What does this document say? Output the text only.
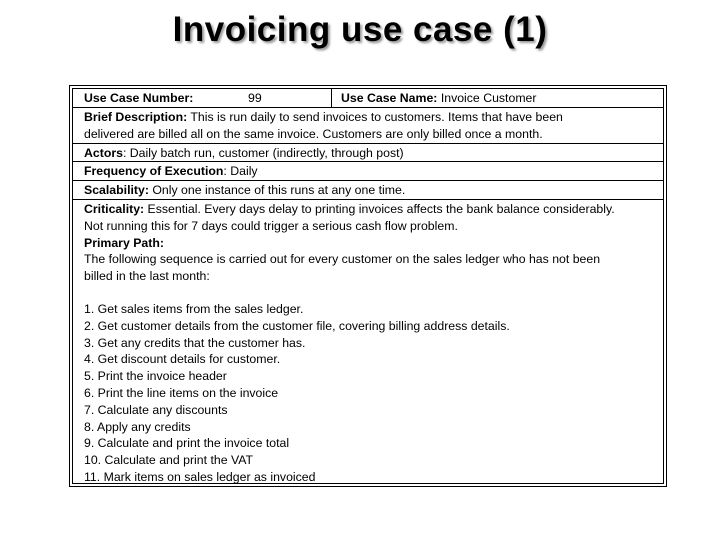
Invoicing use case (1)
Use Case Number:	99	Use Case Name: Invoice Customer
Brief Description: This is run daily to send invoices to customers. Items that have been
delivered are billed all on the same invoice. Customers are only billed once a month.
Actors: Daily batch run, customer (indirectly, through post)
Frequency of Execution: Daily
Scalability: Only one instance of this runs at any one time.
Criticality: Essential. Every days delay to printing invoices affects the bank balance considerably.
Not running this for 7 days could trigger a serious cash flow problem.
Primary Path:
The following sequence is carried out for every customer on the sales ledger who has not been
billed in the last month:
1. Get sales items from the sales ledger.
2. Get customer details from the customer file, covering billing address details.
3. Get any credits that the customer has.
4. Get discount details for customer.
5. Print the invoice header
6. Print the line items on the invoice
7. Calculate any discounts
8. Apply any credits
9. Calculate and print the invoice total
10. Calculate and print the VAT
11. Mark items on sales ledger as invoiced
